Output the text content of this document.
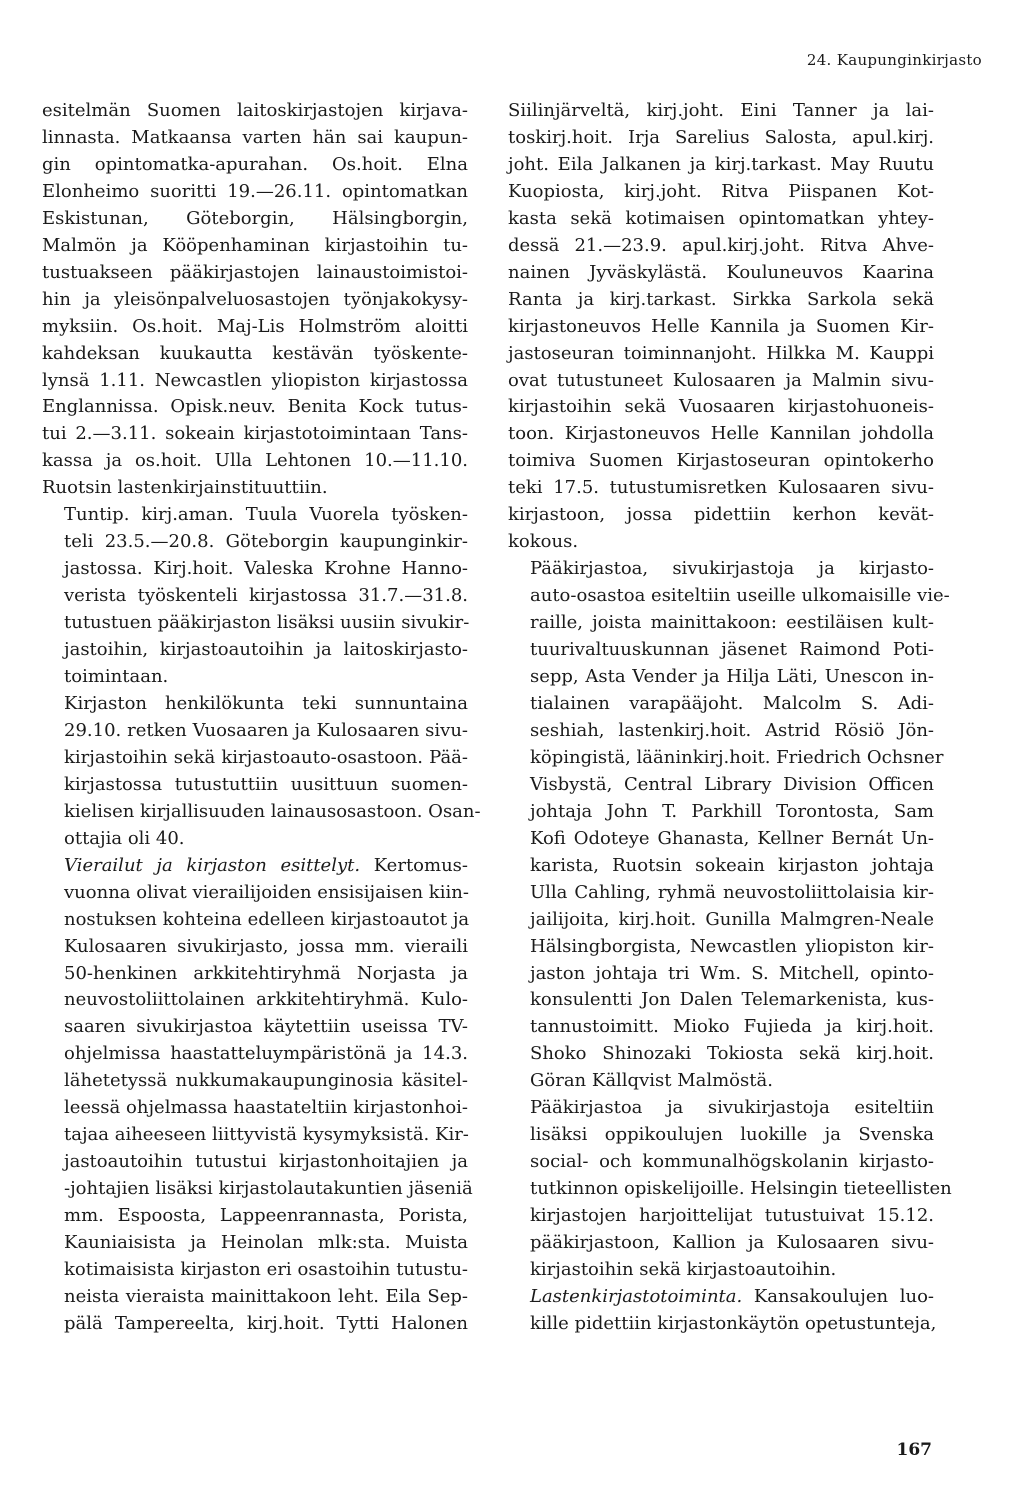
24. Kaupunginkirjasto

esitelmän Suomen laitoskirjastojen kirjava-
linnasta. Matkaansa varten hän sai kaupun-
gin opintomatka-apurahan. Os.hoit. Elna
Elonheimo suoritti 19.—26.11. opintomatkan
Eskistunan, Göteborgin, Hälsingborgin,
Malmön ja Kööpenhaminan kirjastoihin tu-
tustuakseen pääkirjastojen lainaustoimistoi-
hin ja yleisönpalveluosastojen työnjakokysy-
myksiin. Os.hoit. Maj-Lis Holmström aloitti
kahdeksan kuukautta kestävän työskente-
lynsä 1.11. Newcastlen yliopiston kirjastossa
Englannissa. Opisk.neuv. Benita Kock tutus-
tui 2.—3.11. sokeain kirjastotoimintaan Tans-
kassa ja os.hoit. Ulla Lehtonen 10.—11.10.
Ruotsin lastenkirjainstituuttiin.

Tuntip. kirj.aman. Tuula Vuorela työsken-
teli 23.5.—20.8. Göteborgin kaupunginkir-
jastossa. Kirj.hoit. Valeska Krohne Hanno-
verista työskenteli kirjastossa 31.7.—31.8.
tutustuen pääkirjaston lisäksi uusiin sivukir-
jastoihin, kirjastoautoihin ja laitoskirjasto-
toimintaan.

Kirjaston henkilökunta teki sunnuntaina
29.10. retken Vuosaaren ja Kulosaaren sivu-
kirjastoihin sekä kirjastoauto-osastoon. Pää-
kirjastossa tutustuttiin uusittuun suomen-
kielisen kirjallisuuden lainausosastoon. Osan-
ottajia oli 40.

Vierailut ja kirjaston esittelyt. Kertomus-
vuonna olivat vierailijoiden ensisijaisen kiin-
nostuksen kohteina edelleen kirjastoautot ja
Kulosaaren sivukirjasto, jossa mm. vieraili
50-henkinen arkkitehtiryhmä Norjasta ja
neuvostoliittolainen arkkitehtiryhmä. Kulo-
saaren sivukirjastoa käytettiin useissa TV-
ohjelmissa haastatteluympäristönä ja 14.3.
lähetetyssä nukkumakaupunginosia käsitel-
leessä ohjelmassa haastateltiin kirjastonhoi-
tajaa aiheeseen liittyvistä kysymyksistä. Kir-
jastoautoihin tutustui kirjastonhoitajien ja
-johtajien lisäksi kirjastolautakuntien jäseniä
mm. Espoosta, Lappeenrannasta, Porista,
Kauniaisista ja Heinolan mlk:sta. Muista
kotimaisista kirjaston eri osastoihin tutustu-
neista vieraista mainittakoon leht. Eila Sep-
pälä Tampereelta, kirj.hoit. Tytti Halonen

Siilinjärveltä, kirj.joht. Eini Tanner ja lai-
toskirj.hoit. Irja Sarelius Salosta, apul.kirj.
joht. Eila Jalkanen ja kirj.tarkast. May Ruutu
Kuopiosta, kirj.joht. Ritva Piispanen Kot-
kasta sekä kotimaisen opintomatkan yhtey-
dessä 21.—23.9. apul.kirj.joht. Ritva Ahve-
nainen Jyväskylästä. Kouluneuvos Kaarina
Ranta ja kirj.tarkast. Sirkka Sarkola sekä
kirjastoneuvos Helle Kannila ja Suomen Kir-
jastoseuran toiminnanjoht. Hilkka M. Kauppi
ovat tutustuneet Kulosaaren ja Malmin sivu-
kirjastoihin sekä Vuosaaren kirjastohuoneis-
toon. Kirjastoneuvos Helle Kannilan johdolla
toimiva Suomen Kirjastoseuran opintokerho
teki 17.5. tutustumisretken Kulosaaren sivu-
kirjastoon, jossa pidettiin kerhon kevät-
kokous.

Pääkirjastoa, sivukirjastoja ja kirjasto-
auto-osastoa esiteltiin useille ulkomaisille vie-
raille, joista mainittakoon: eestiläisen kult-
tuurivaltuuskunnan jäsenet Raimond Poti-
sepp, Asta Vender ja Hilja Läti, Unescon in-
tialainen varapääjoht. Malcolm S. Adi-
seshiah, lastenkirj.hoit. Astrid Rösiö Jön-
köpingistä, lääninkirj.hoit. Friedrich Ochsner
Visbystä, Central Library Division Officen
johtaja John T. Parkhill Torontosta, Sam
Kofi Odoteye Ghanasta, Kellner Bernát Un-
karista, Ruotsin sokeain kirjaston johtaja
Ulla Cahling, ryhmä neuvostoliittolaisia kir-
jailijoita, kirj.hoit. Gunilla Malmgren-Neale
Hälsingborgista, Newcastlen yliopiston kir-
jaston johtaja tri Wm. S. Mitchell, opinto-
konsulentti Jon Dalen Telemarkenista, kus-
tannustoimitt. Mioko Fujieda ja kirj.hoit.
Shoko Shinozaki Tokiosta sekä kirj.hoit.
Göran Källqvist Malmöstä.

Pääkirjastoa ja sivukirjastoja esiteltiin
lisäksi oppikoulujen luokille ja Svenska
social- och kommunalhögskolanin kirjasto-
tutkinnon opiskelijoille. Helsingin tieteellisten
kirjastojen harjoittelijat tutustuivat 15.12.
pääkirjastoon, Kallion ja Kulosaaren sivu-
kirjastoihin sekä kirjastoautoihin.

Lastenkirjastotoiminta. Kansakoulujen luo-
kille pidettiin kirjastonkäytön opetustunteja,

167
